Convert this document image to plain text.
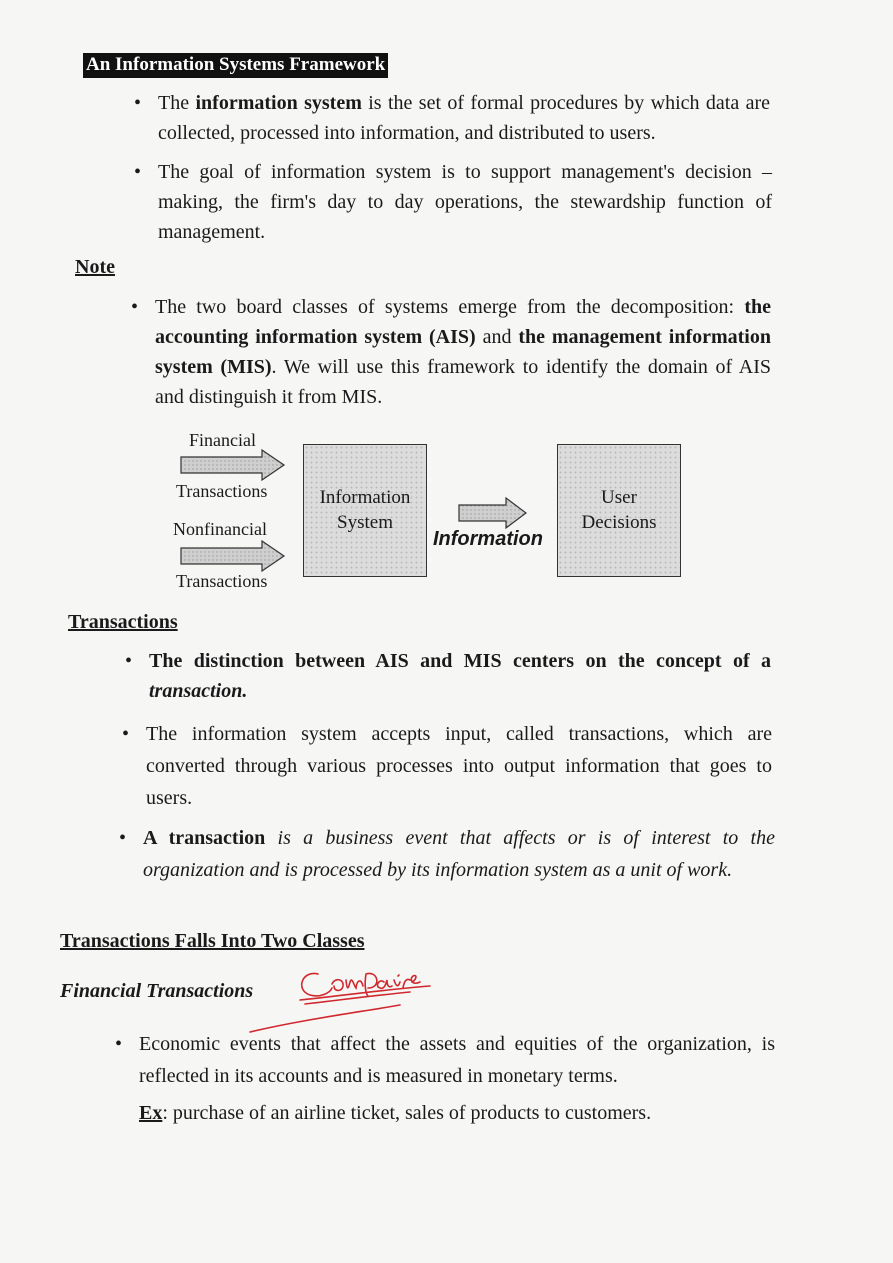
An Information Systems Framework
• The information system is the set of formal procedures by which data are collected, processed into information, and distributed to users.
• The goal of information system is to support management's decision – making, the firm's day to day operations, the stewardship function of management.
Note
• The two board classes of systems emerge from the decomposition: the accounting information system (AIS) and the management information system (MIS). We will use this framework to identify the domain of AIS and distinguish it from MIS.
Financial
Transactions
Nonfinancial
Transactions
Information System
Information
User Decisions
Transactions
• The distinction between AIS and MIS centers on the concept of a transaction.
• The information system accepts input, called transactions, which are converted through various processes into output information that goes to users.
• A transaction is a business event that affects or is of interest to the organization and is processed by its information system as a unit of work.
Transactions Falls Into Two Classes
Financial Transactions
• Economic events that affect the assets and equities of the organization, is reflected in its accounts and is measured in monetary terms.
Ex: purchase of an airline ticket, sales of products to customers.
